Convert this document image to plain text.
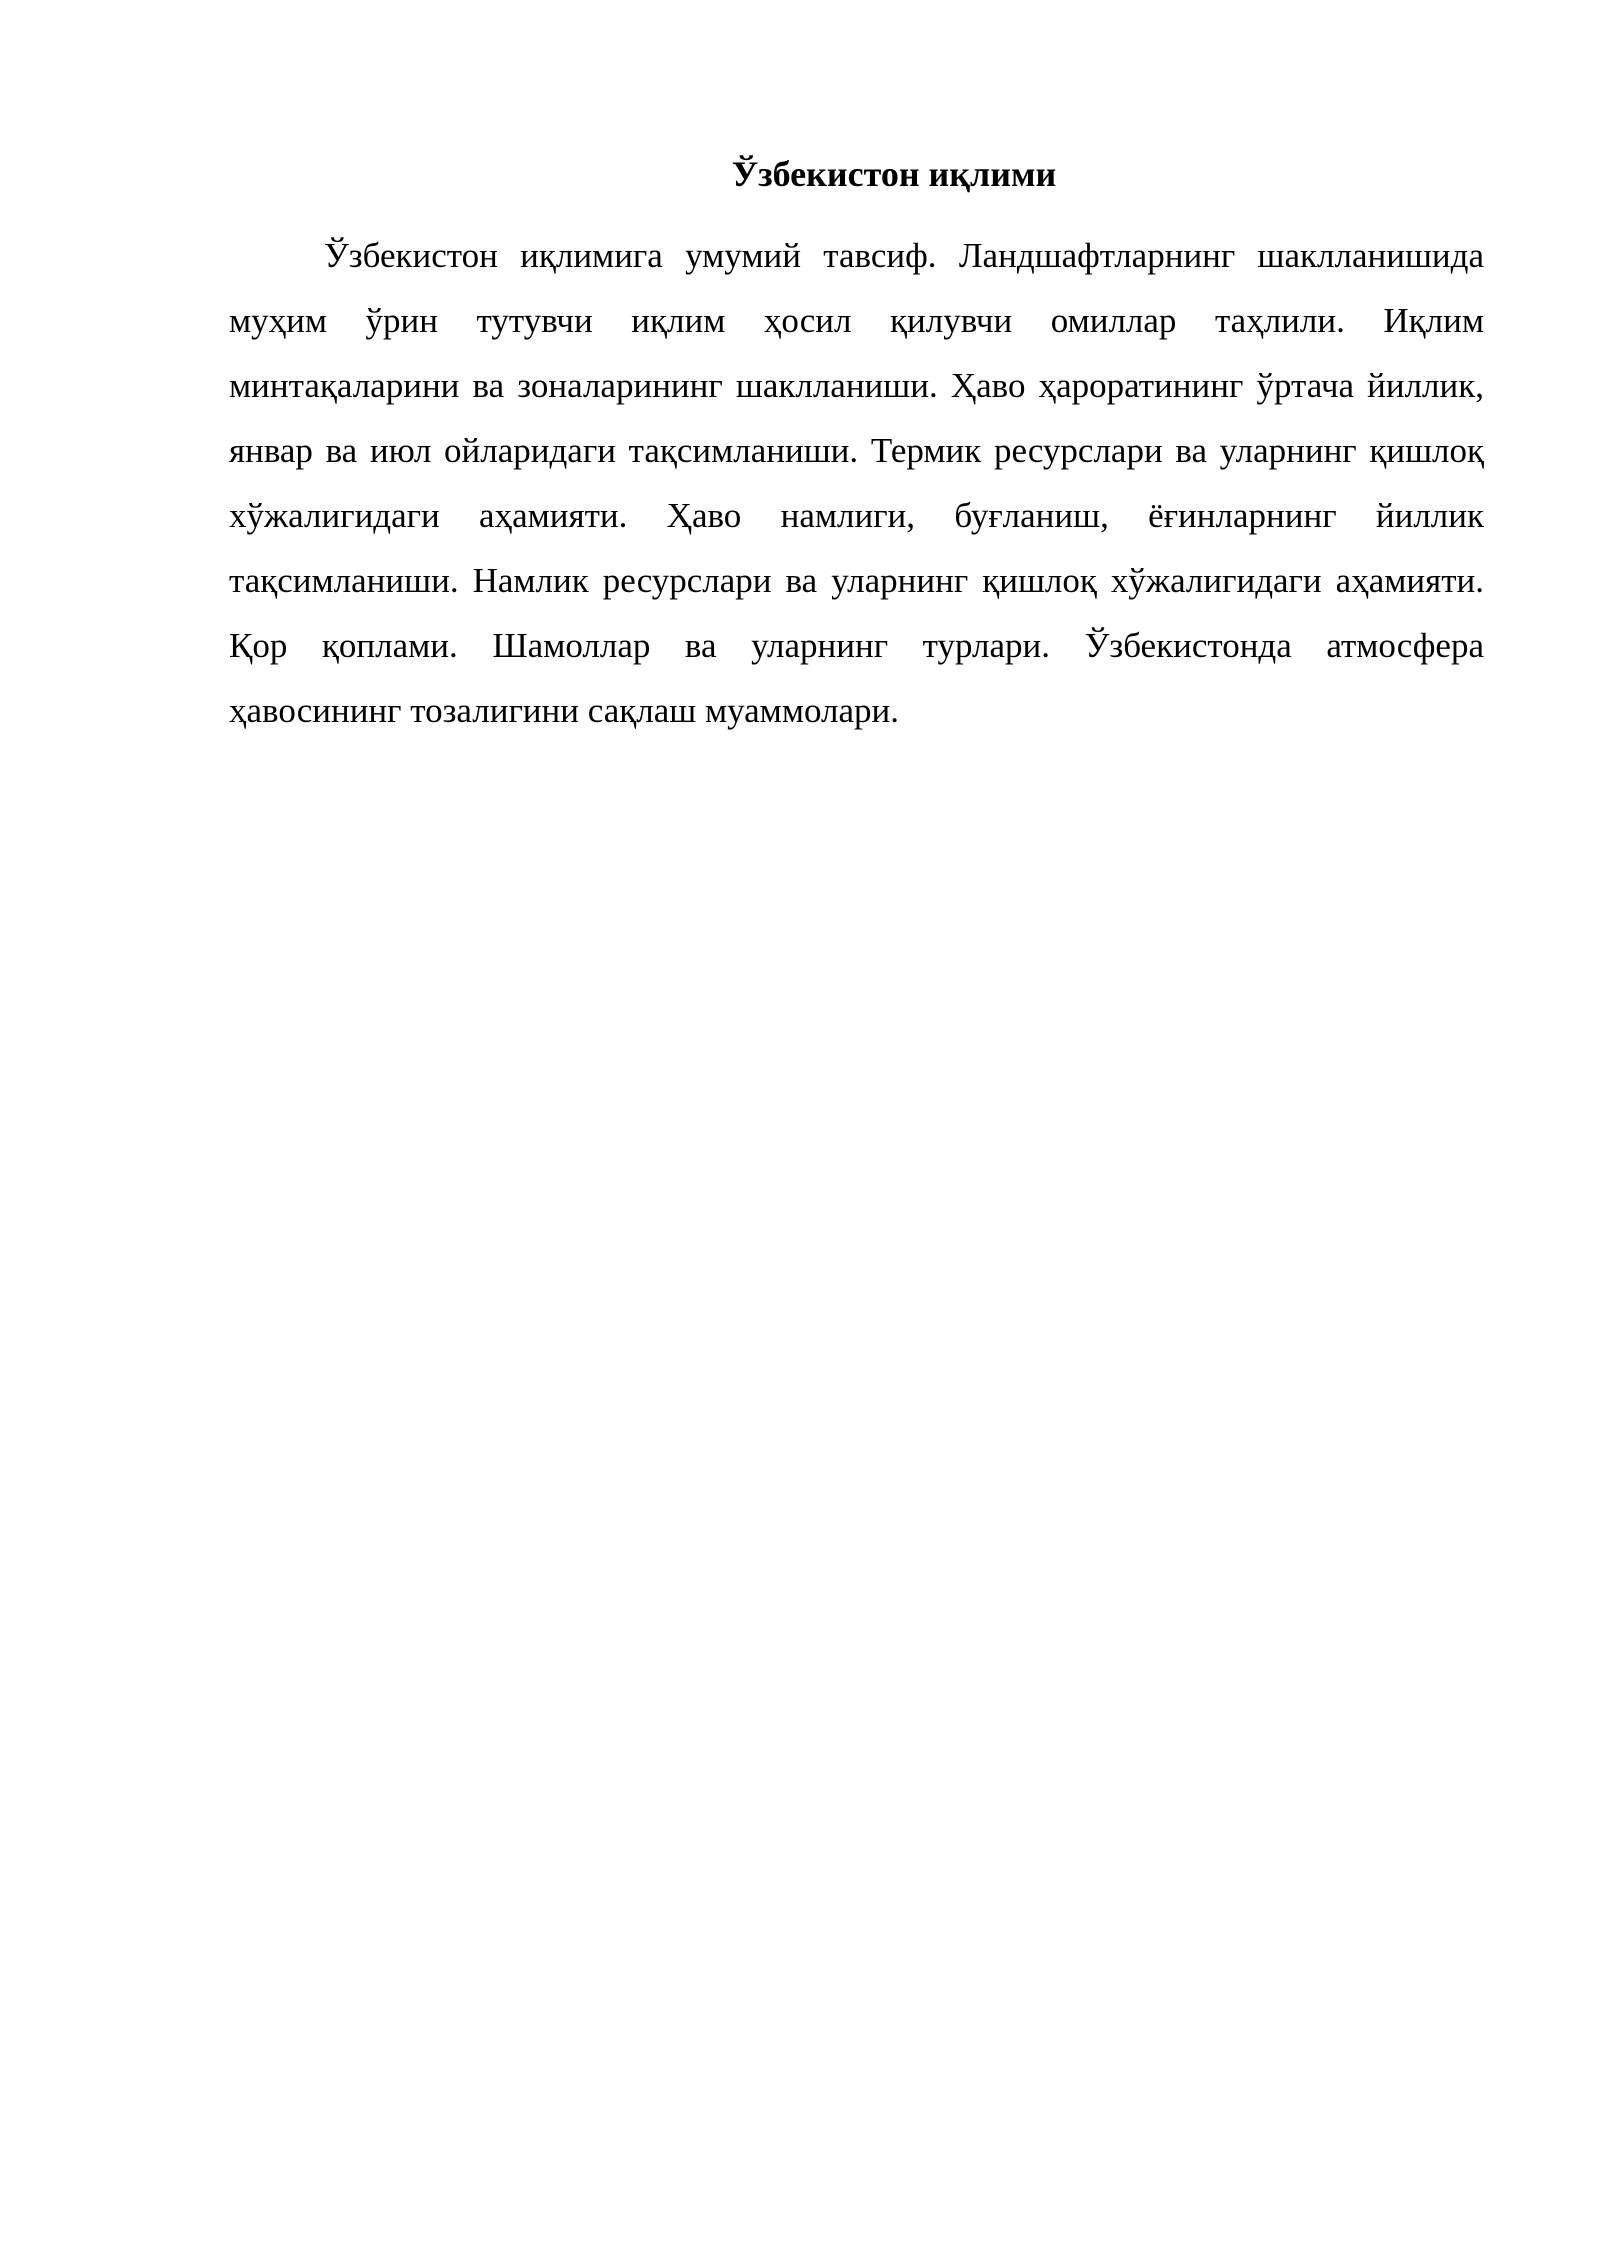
Ўзбекистон иқлими

Ўзбекистон иқлимига умумий тавсиф. Ландшафтларнинг шаклланишида муҳим ўрин тутувчи иқлим ҳосил қилувчи омиллар таҳлили. Иқлим минтақаларини ва зоналарининг шаклланиши. Ҳаво ҳароратининг ўртача йиллик, январ ва июл ойларидаги тақсимланиши. Термик ресурслари ва уларнинг қишлоқ хўжалигидаги аҳамияти. Ҳаво намлиги, буғланиш, ёғинларнинг йиллик тақсимланиши. Намлик ресурслари ва уларнинг қишлоқ хўжалигидаги аҳамияти. Қор қоплами. Шамоллар ва уларнинг турлари. Ўзбекистонда атмосфера ҳавосининг тозалигини сақлаш муаммолари.
